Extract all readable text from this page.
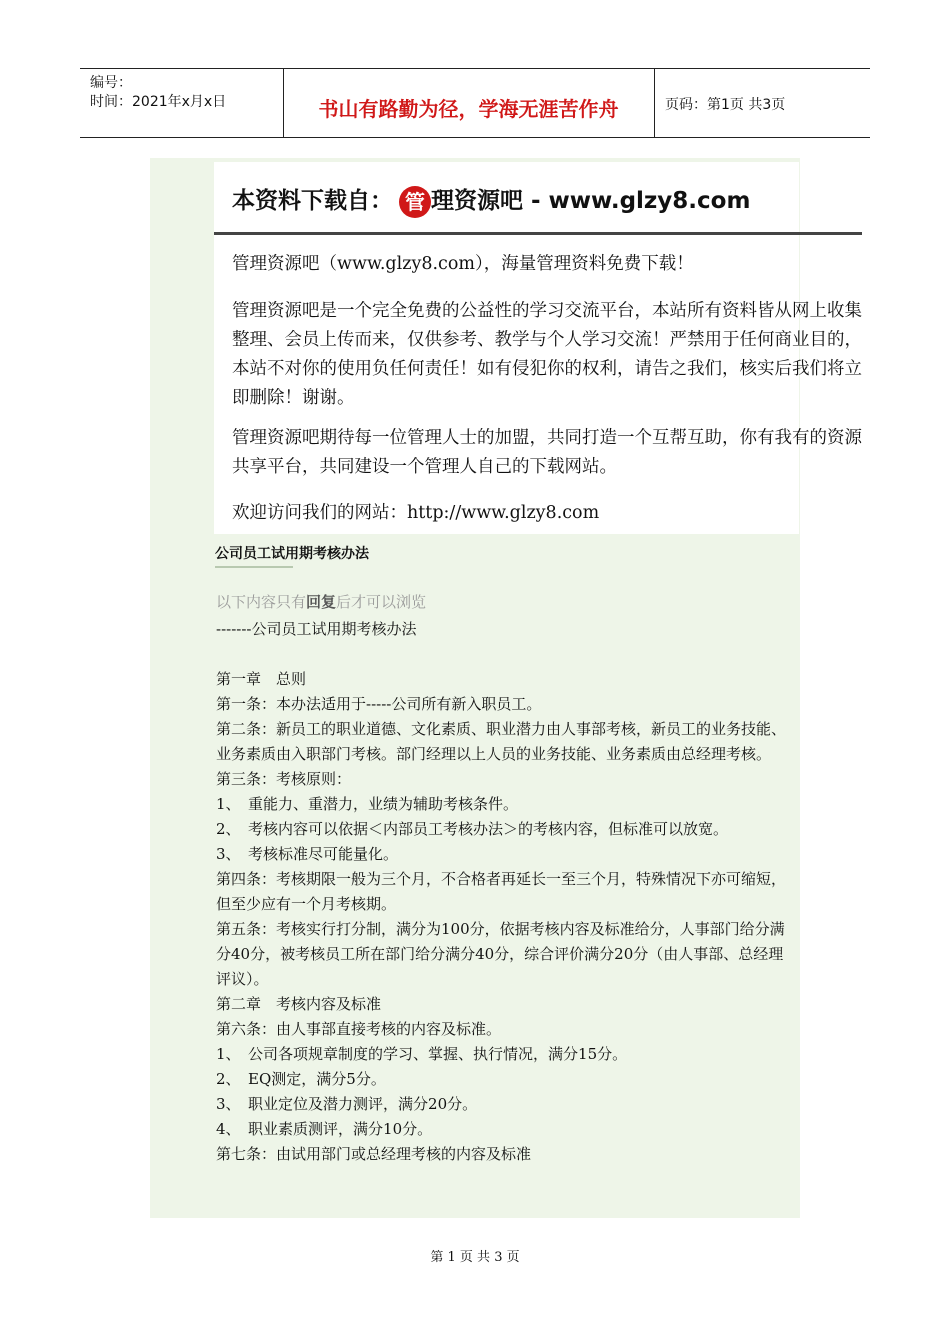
编号：
时间：2021年x月x日	书山有路勤为径，学海无涯苦作舟	页码：第1页 共3页
本资料下载自： 管 理资源吧 - www.glzy8.com
管理资源吧（www.glzy8.com），海量管理资料免费下载！
管理资源吧是一个完全免费的公益性的学习交流平台，本站所有资料皆从网上收集整理、会员上传而来，仅供参考、教学与个人学习交流！严禁用于任何商业目的，本站不对你的使用负任何责任！如有侵犯你的权利，请告之我们，核实后我们将立即删除！谢谢。
管理资源吧期待每一位管理人士的加盟，共同打造一个互帮互助，你有我有的资源共享平台，共同建设一个管理人自己的下载网站。
欢迎访问我们的网站：http://www.glzy8.com
公司员工试用期考核办法
以下内容只有回复后才可以浏览

-------公司员工试用期考核办法

第一章　总则

第一条：本办法适用于-----公司所有新入职员工。

第二条：新员工的职业道德、文化素质、职业潜力由人事部考核，新员工的业务技能、业务素质由入职部门考核。部门经理以上人员的业务技能、业务素质由总经理考核。

第三条：考核原则：

1、　重能力、重潜力，业绩为辅助考核条件。

2、　考核内容可以依据＜内部员工考核办法＞的考核内容，但标准可以放宽。

3、　考核标准尽可能量化。

第四条：考核期限一般为三个月，不合格者再延长一至三个月，特殊情况下亦可缩短，但至少应有一个月考核期。

第五条：考核实行打分制，满分为100分，依据考核内容及标准给分，人事部门给分满分40分，被考核员工所在部门给分满分40分，综合评价满分20分（由人事部、总经理评议）。

第二章　考核内容及标准

第六条：由人事部直接考核的内容及标准。

1、　公司各项规章制度的学习、掌握、执行情况，满分15分。

2、　EQ测定，满分5分。

3、　职业定位及潜力测评，满分20分。

4、　职业素质测评，满分10分。

第七条：由试用部门或总经理考核的内容及标准

第 1 页 共 3 页
